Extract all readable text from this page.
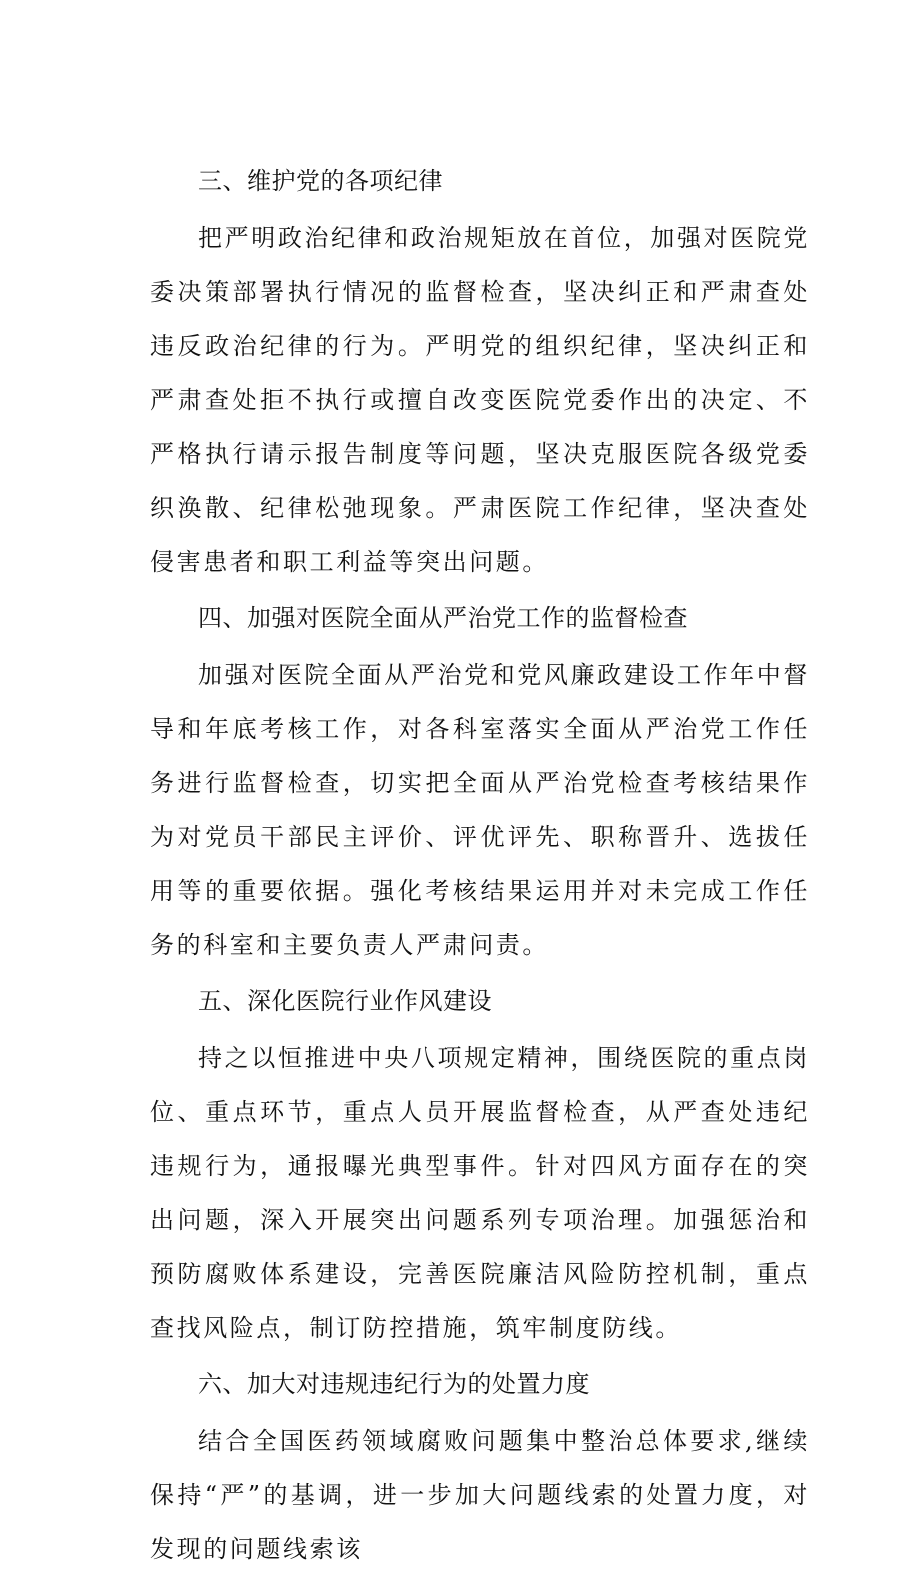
三、维护党的各项纪律

把严明政治纪律和政治规矩放在首位，加强对医院党委决策部署执行情况的监督检查，坚决纠正和严肃查处违反政治纪律的行为。严明党的组织纪律，坚决纠正和严肃查处拒不执行或擅自改变医院党委作出的决定、不严格执行请示报告制度等问题，坚决克服医院各级党委织涣散、纪律松弛现象。严肃医院工作纪律，坚决查处侵害患者和职工利益等突出问题。

四、加强对医院全面从严治党工作的监督检查

加强对医院全面从严治党和党风廉政建设工作年中督导和年底考核工作，对各科室落实全面从严治党工作任务进行监督检查，切实把全面从严治党检查考核结果作为对党员干部民主评价、评优评先、职称晋升、选拔任用等的重要依据。强化考核结果运用并对未完成工作任务的科室和主要负责人严肃问责。

五、深化医院行业作风建设

持之以恒推进中央八项规定精神，围绕医院的重点岗位、重点环节，重点人员开展监督检查，从严查处违纪违规行为，通报曝光典型事件。针对四风方面存在的突出问题，深入开展突出问题系列专项治理。加强惩治和预防腐败体系建设，完善医院廉洁风险防控机制，重点查找风险点，制订防控措施，筑牢制度防线。

六、加大对违规违纪行为的处置力度

结合全国医药领域腐败问题集中整治总体要求,继续保持“严”的基调，进一步加大问题线索的处置力度，对发现的问题线索该
